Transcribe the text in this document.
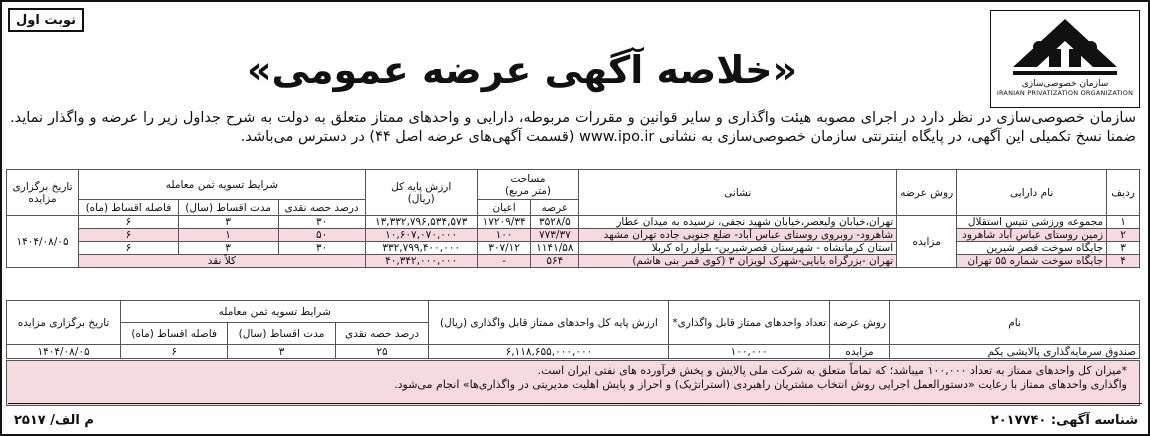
نوبت اول
سازمان خصوصی‌سازی
IRANIAN PRIVATIZATION ORGANIZATION
«خلاصه آگهی عرضه عمومی»
سازمان خصوصی‌سازی در نظر دارد در اجرای مصوبه هیئت واگذاری و سایر قوانین و مقررات مربوطه، دارایی و واحدهای ممتاز متعلق به دولت به شرح جداول زیر را عرضه و واگذار نماید. ضمنا نسخ تکمیلی این آگهی، در پایگاه اینترنتی سازمان خصوصی‌سازی به نشانی www.ipo.ir (قسمت آگهی‌های عرضه اصل ۴۴) در دسترس می‌باشد.
ردیف	نام دارایی	روش عرضه	نشانی	مساحت
(متر مربع)		ارزش پایه کل
(ریال)	شرایط تسویه ثمن معامله			تاریخ برگزاری
مزایده
				عرصه	اعیان		درصد حصه نقدی	مدت اقساط (سال)	فاصله اقساط (ماه)	
۱	مجموعه ورزشی تنیس استقلال	مزایده	تهران،خیابان ولیعصر،خیابان شهید نجفی، نرسیده به میدان عطار	۳۵۲۸/۵	۱۷۲۰۹/۳۴	۱۳,۳۳۲,۷۹۶,۵۳۴,۵۷۳	۳۰	۳	۶	۱۴۰۴/۰۸/۰۵
۲	زمین روستای عباس آباد شاهرود		شاهرود- روبروی روستای عباس آباد- ضلع جنوبی جاده تهران مشهد	۷۷۳/۳۷	۱۰۰	۱۰,۶۰۷,۰۷۰,۰۰۰	۵۰	۱	۶	
۳	جایگاه سوخت قصر شیرین		استان کرمانشاه - شهرستان قصرشیرین- بلوار راه کربلا	۱۱۴۱/۵۸	۳۰۷/۱۲	۳۳۲,۷۹۹,۴۰۰,۰۰۰	۳۰	۳	۶	
۴	جایگاه سوخت شماره ۵۵ تهران		تهران -بزرگراه بابایی-شهرک لویزان ۳ (کوی قمر بنی هاشم)	۵۶۴	-	۴۰,۳۴۲,۰۰۰,۰۰۰	کلاً نقد			
نام	روش عرضه	تعداد واحدهای ممتاز قابل واگذاری*	ارزش پایه کل واحدهای ممتاز قابل واگذاری (ریال)	شرایط تسویه ثمن معامله			تاریخ برگزاری مزایده
				درصد حصه نقدی	مدت اقساط (سال)	فاصله اقساط (ماه)	
صندوق سرمایه‌گذاری پالایشی یکم	مزایده	۱۰۰,۰۰۰	۶,۱۱۸,۶۵۵,۰۰۰,۰۰۰	۲۵	۳	۶	۱۴۰۴/۰۸/۰۵
*میزان کل واحدهای ممتاز به تعداد ۱۰۰,۰۰۰ میباشد؛ که تماماً متعلق به شرکت ملی پالایش و پخش فرآورده های نفتی ایران است.
واگذاری واحدهای ممتاز با رعایت «دستورالعمل اجرایی روش انتخاب مشتریان راهبردی (استراتژیک) و احراز و پایش اهلیت مدیریتی در واگذاری‌ها» انجام می‌شود.
شناسه آگهی: ۲۰۱۷۷۴۰
م الف/ ۲۵۱۷
